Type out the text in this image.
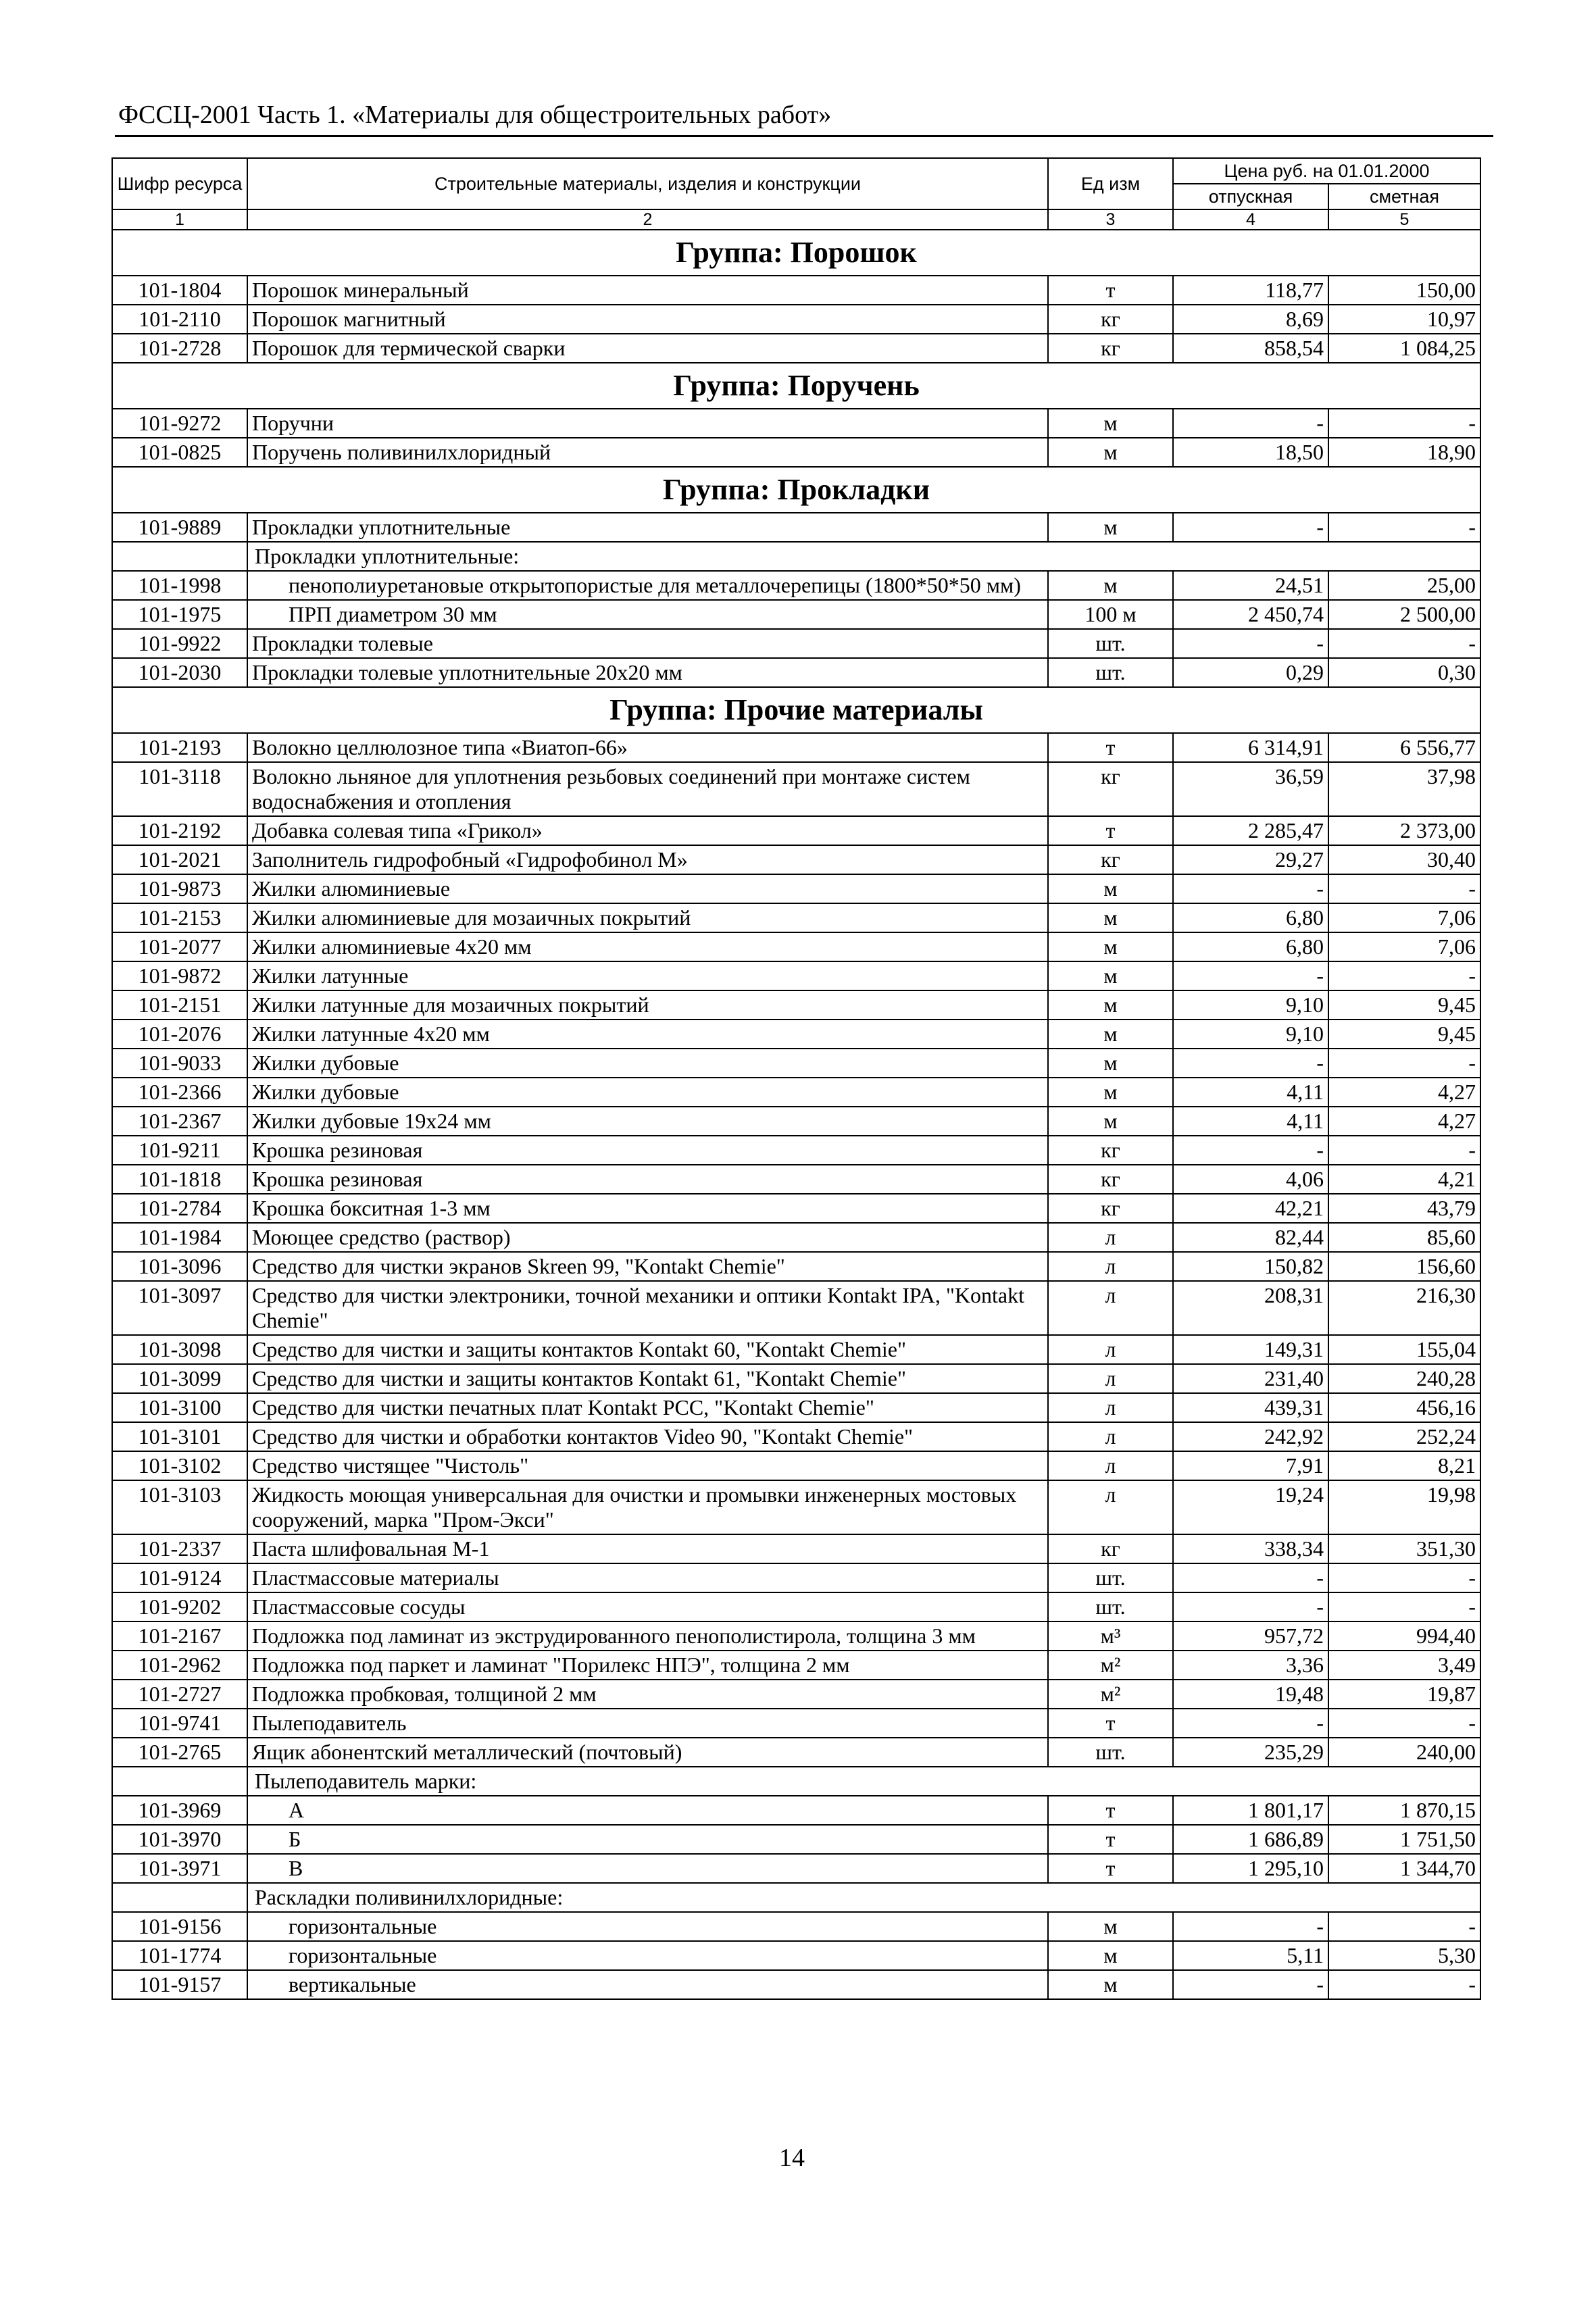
ФССЦ-2001 Часть 1. «Материалы для общестроительных работ»
Шифр ресурса	Строительные материалы, изделия и конструкции	Ед изм	Цена руб. на 01.01.2000	
			отпускная	сметная
1	2	3	4	5
Группа: Порошок				
101-1804	Порошок минеральный	т	118,77	150,00
101-2110	Порошок магнитный	кг	8,69	10,97
101-2728	Порошок для термической сварки	кг	858,54	1 084,25
Группа: Поручень				
101-9272	Поручни	м	-	-
101-0825	Поручень поливинилхлоридный	м	18,50	18,90
Группа: Прокладки				
101-9889	Прокладки уплотнительные	м	-	-
	Прокладки уплотнительные:			
101-1998	пенополиуретановые открытопористые для металлочерепицы (1800*50*50 мм)	м	24,51	25,00
101-1975	ПРП диаметром 30 мм	100 м	2 450,74	2 500,00
101-9922	Прокладки толевые	шт.	-	-
101-2030	Прокладки толевые уплотнительные 20х20 мм	шт.	0,29	0,30
Группа: Прочие материалы				
101-2193	Волокно целлюлозное типа «Виатоп-66»	т	6 314,91	6 556,77
101-3118	Волокно льняное для уплотнения резьбовых соединений при монтаже систем водоснабжения и отопления	кг	36,59	37,98
101-2192	Добавка солевая типа «Грикол»	т	2 285,47	2 373,00
101-2021	Заполнитель гидрофобный «Гидрофобинол М»	кг	29,27	30,40
101-9873	Жилки алюминиевые	м	-	-
101-2153	Жилки алюминиевые для мозаичных покрытий	м	6,80	7,06
101-2077	Жилки алюминиевые 4х20 мм	м	6,80	7,06
101-9872	Жилки латунные	м	-	-
101-2151	Жилки латунные для мозаичных покрытий	м	9,10	9,45
101-2076	Жилки латунные 4х20 мм	м	9,10	9,45
101-9033	Жилки дубовые	м	-	-
101-2366	Жилки дубовые	м	4,11	4,27
101-2367	Жилки дубовые 19х24 мм	м	4,11	4,27
101-9211	Крошка резиновая	кг	-	-
101-1818	Крошка резиновая	кг	4,06	4,21
101-2784	Крошка бокситная 1-3 мм	кг	42,21	43,79
101-1984	Моющее средство (раствор)	л	82,44	85,60
101-3096	Средство для чистки экранов Skreen 99, "Kontakt Chemie"	л	150,82	156,60
101-3097	Средство для чистки электроники, точной механики и оптики Kontakt IPA, "Kontakt Chemie"	л	208,31	216,30
101-3098	Средство для чистки и защиты контактов Kontakt 60, "Kontakt Chemie"	л	149,31	155,04
101-3099	Средство для чистки и защиты контактов Kontakt 61, "Kontakt Chemie"	л	231,40	240,28
101-3100	Средство для чистки печатных плат Kontakt PCC, "Kontakt Chemie"	л	439,31	456,16
101-3101	Средство для чистки и обработки контактов Video 90, "Kontakt Chemie"	л	242,92	252,24
101-3102	Средство чистящее "Чистоль"	л	7,91	8,21
101-3103	Жидкость моющая универсальная для очистки и промывки инженерных мостовых сооружений, марка "Пром-Экси"	л	19,24	19,98
101-2337	Паста шлифовальная М-1	кг	338,34	351,30
101-9124	Пластмассовые материалы	шт.	-	-
101-9202	Пластмассовые сосуды	шт.	-	-
101-2167	Подложка под ламинат из экструдированного пенополистирола, толщина 3 мм	м³	957,72	994,40
101-2962	Подложка под паркет и ламинат "Порилекс НПЭ", толщина 2 мм	м²	3,36	3,49
101-2727	Подложка пробковая, толщиной 2 мм	м²	19,48	19,87
101-9741	Пылеподавитель	т	-	-
101-2765	Ящик абонентский металлический (почтовый)	шт.	235,29	240,00
	Пылеподавитель марки:			
101-3969	А	т	1 801,17	1 870,15
101-3970	Б	т	1 686,89	1 751,50
101-3971	В	т	1 295,10	1 344,70
	Раскладки поливинилхлоридные:			
101-9156	горизонтальные	м	-	-
101-1774	горизонтальные	м	5,11	5,30
101-9157	вертикальные	м	-	-
14
